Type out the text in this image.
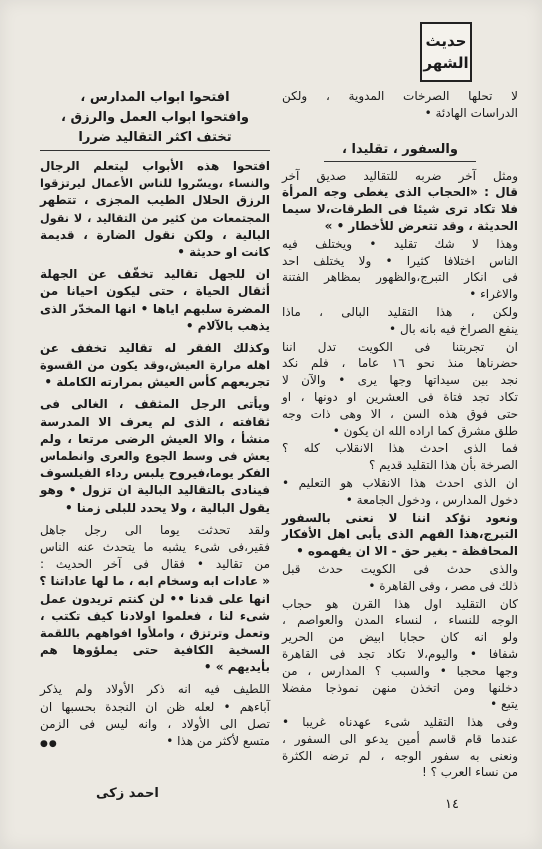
حديث
الشهر
لا تحلها الصرخات المدوية ، ولكن
الدراسات الهادئة •
والسفور ، تقليدا ،
ومثل آخر ضربه للتقاليد صديق آخر
قال : «الحجاب الذى يغطى وجه المرأة
فلا تكاد ترى شيئا فى الطرقات،لا سيما
الحديثة ، وقد تتعرض للأخطار • »
وهذا لا شك تقليد • ويختلف فيه
الناس اختلافا كثيرا • ولا يختلف احد
فى انكار التبرج،والظهور بمظاهر الفتنة
والاغراء •
ولكن ، هذا التقليد البالى ، ماذا
ينفع الصراخ فيه بانه بال •
ان تجربتنا فى الكويت تدل اننا
حضرناها منذ نحو ١٦ عاما ، فلم نكد
نجد بين سيداتها وجها يرى • والآن لا
تكاد تجد فتاة فى العشرين او دونها ، او
حتى فوق هذه السن ، الا وهى ذات وجه
طلق مشرق كما اراده الله ان يكون •
فما الذى احدث هذا الانقلاب كله ؟
الصرخة بأن هذا التقليد قديم ؟
ان الذى احدث هذا الانقلاب هو التعليم •
دخول المدارس ، ودخول الجامعة •
ونعود نؤكد اننا لا نعنى بالسفور
التبرج،هذا الفهم الذى يأبى اهل الأفكار
المحافظة - بغير حق - الا ان يفهموه •
والذى حدث فى الكويت حدث قبل
ذلك فى مصر ، وفى القاهرة •
كان التقليد اول هذا القرن هو حجاب
الوجه للنساء ، لنساء المدن والعواصم ،
ولو انه كان حجابا ابيض من الحرير
شفافا • واليوم،لا تكاد تجد فى القاهرة
وجها محجبا • والسبب ؟ المدارس ، من
دخلنها ومن اتخذن منهن نموذجا مفضلا
يتبع •
وفى هذا التقليد شىء عهدناه غريبا •
عندما قام قاسم أمين يدعو الى السفور ،
ونعنى به سفور الوجه ، لم ترضه الكثرة
من نساء العرب ؟ !
افتحوا ابواب المدارس ،
وافتحوا ابواب العمل والرزق ،
تختف اكثر التقاليد ضررا
افتحوا هذه الأبواب ليتعلم الرجال
والنساء ،ويسّروا للناس الأعمال ليرتزقوا
الرزق الحلال الطيب المجزى ، تتطهر
المجتمعات من كثير من التقاليد ، لا نقول
البالية ، ولكن نقول الضارة ، قديمة
كانت او حديثة •
ان للجهل تقاليد تخفّف عن الجهلة
أثقال الحياة ، حتى ليكون احيانا من
المضرة سلبهم اياها • انها المخدّر الذى
يذهب بالآلام •
وكذلك الفقر له تقاليد تخفف عن
اهله مرارة العيش،وقد يكون من القسوة
تجريعهم كأس العيش بمرارته الكاملة •
ويأتى الرجل المثقف ، الغالى فى
ثقافته ، الذى لم يعرف الا المدرسة
منشأ ، والا العيش الرضى مرتعا ، ولم
يعش فى وسط الجوع والعرى وانطماس
الفكر يوما،فيروح يلبس رداء الفيلسوف
فينادى بالتقاليد البالية ان تزول • وهو
يقول البالية ، ولا يحدد للبلى زمنا •
ولقد تحدثت يوما الى رجل جاهل
فقير،فى شىء يشبه ما يتحدث عنه الناس
من تقاليد • فقال فى آخر الحديث :
« عادات ابه وسخام ابه ، ما لها عاداتنا ؟
انها على قدنا •• لن كنتم تريدون عمل
شىء لنا ، فعلموا اولادنا كيف تكتب ،
وتعمل وترتزق ، واملأوا افواههم باللقمة
السخية الكافية حتى يملؤوها هم
بأيديهم » •
اللطيف فيه انه ذكر الأولاد ولم يذكر
آباءهم • لعله ظن ان النجدة بحسبها ان
تصل الى الأولاد ، وانه ليس فى الزمن
متسع لأكثر من هذا •
●●
احمد زكى
١٤
